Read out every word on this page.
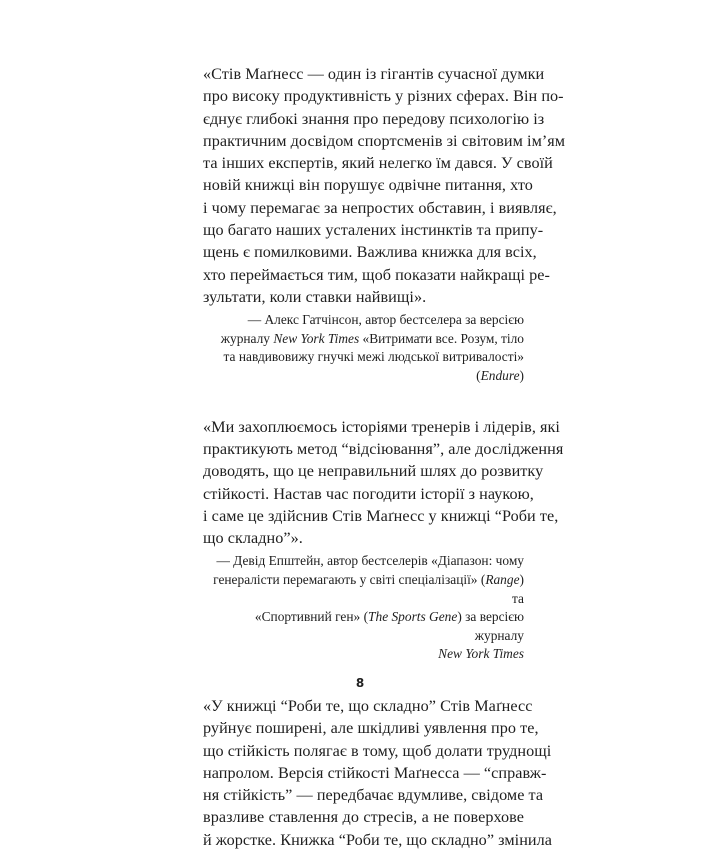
«Стів Маґнесс — один із гігантів сучасної думки
про високу продуктивність у різних сферах. Він по-
єднує глибокі знання про передову психологію із
практичним досвідом спортсменів зі світовим ім’ям
та інших експертів, який нелегко їм дався. У своїй
новій книжці він порушує одвічне питання, хто
і чому перемагає за непростих обставин, і виявляє,
що багато наших усталених інстинктів та припу-
щень є помилковими. Важлива книжка для всіх,
хто переймається тим, щоб показати найкращі ре-
зультати, коли ставки найвищі».

— Алекс Гатчінсон, автор бестселера за версією
журналу New York Times «Витримати все. Розум, тіло
та навдивовижу гнучкі межі людської витривалості»
(Endure)

«Ми захоплюємось історіями тренерів і лідерів, які
практикують метод “відсіювання”, але дослідження
доводять, що це неправильний шлях до розвитку
стійкості. Настав час погодити історії з наукою,
і саме це здійснив Стів Маґнесс у книжці “Роби те,
що складно”».

— Девід Епштейн, автор бестселерів «Діапазон: чому
генералісти перемагають у світі спеціалізації» (Range) та
«Спортивний ген» (The Sports Gene) за версією журналу
New York Times

«У книжці “Роби те, що складно” Стів Маґнесс
руйнує поширені, але шкідливі уявлення про те,
що стійкість полягає в тому, щоб долати труднощі
напролом. Версія стійкості Маґнесса — “справж-
ня стійкість” — передбачає вдумливе, свідоме та
вразливе ставлення до стресів, а не поверхове
й жорстке. Книжка “Роби те, що складно” змінила

8
